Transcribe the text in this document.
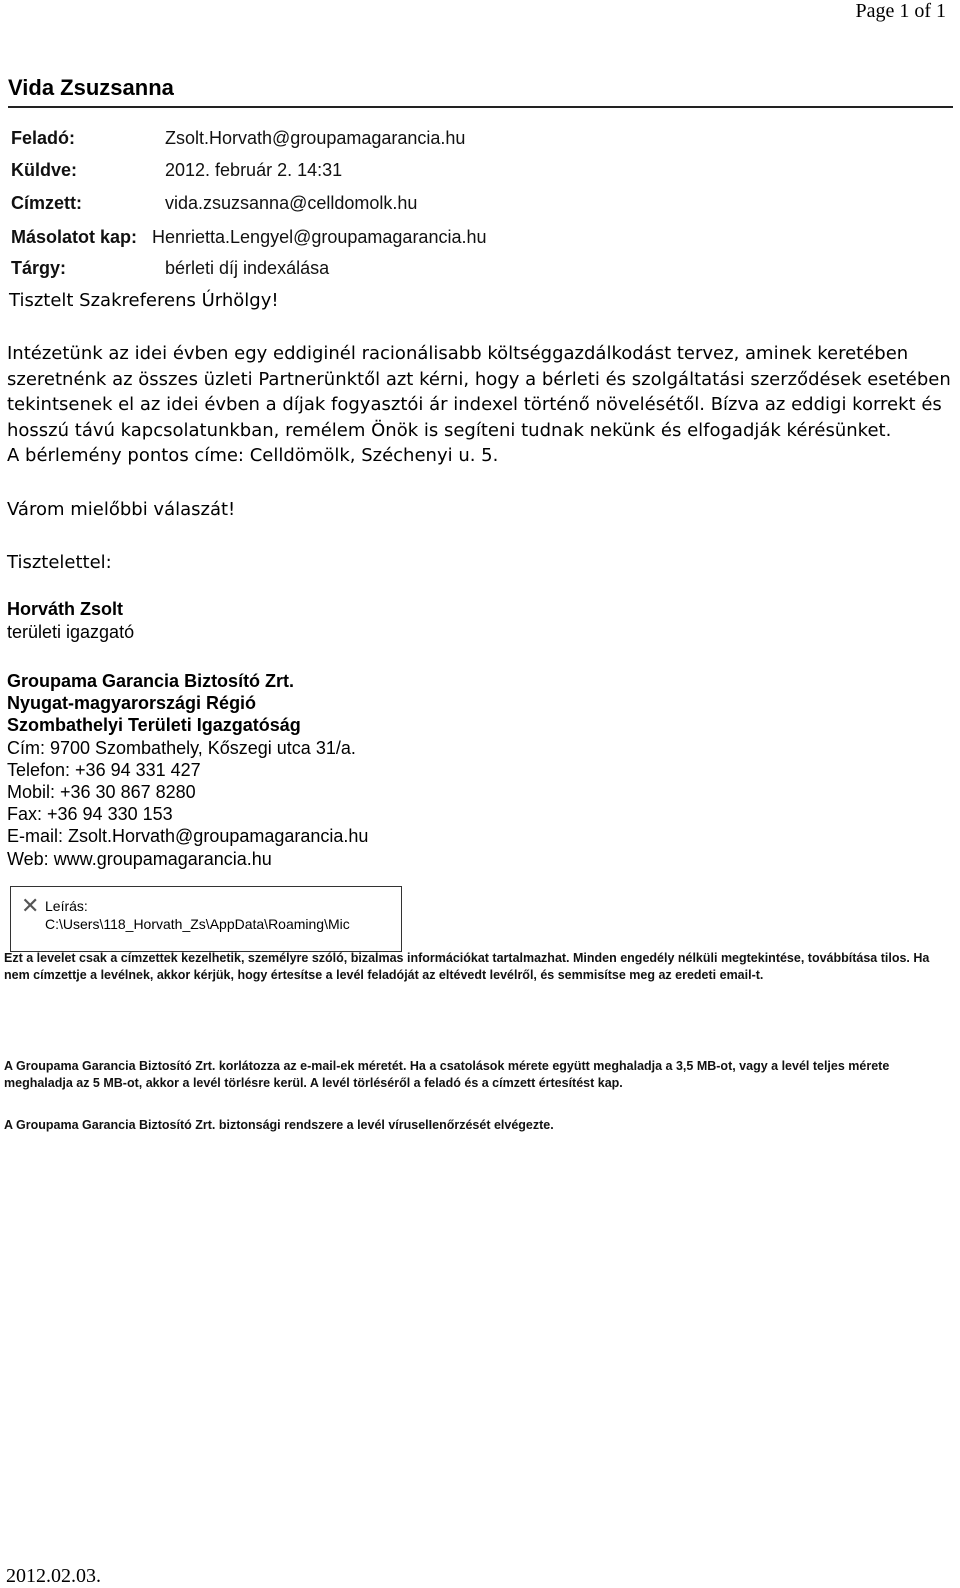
Page 1 of 1
Vida Zsuzsanna
Feladó:	Zsolt.Horvath@groupamagarancia.hu
Küldve:	2012. február 2. 14:31
Címzett:	vida.zsuzsanna@celldomolk.hu
Másolatot kap: Henrietta.Lengyel@groupamagarancia.hu
Tárgy:	bérleti díj indexálása
Tisztelt Szakreferens Úrhölgy!

Intézetünk az idei évben egy eddiginél racionálisabb költséggazdálkodást tervez, aminek keretében

szeretnénk az összes üzleti Partnerünktől azt kérni, hogy a bérleti és szolgáltatási szerződések esetében

tekintsenek el az idei évben a díjak fogyasztói ár indexel történő növelésétől. Bízva az eddigi korrekt és

hosszú távú kapcsolatunkban, remélem Önök is segíteni tudnak nekünk és elfogadják kérésünket.

A bérlemény pontos címe: Celldömölk, Széchenyi u. 5.

Várom mielőbbi válaszát!
Tisztelettel:
Horváth Zsolt
területi igazgató
Groupama Garancia Biztosító Zrt.
Nyugat-magyarországi Régió
Szombathelyi Területi Igazgatóság
Cím: 9700 Szombathely, Kőszegi utca 31/a.
Telefon: +36 94 331 427
Mobil: +36 30 867 8280
Fax: +36 94 330 153
E-mail: Zsolt.Horvath@groupamagarancia.hu
Web: www.groupamagarancia.hu
✕ Leírás:
C:\Users\118_Horvath_Zs\AppData\Roaming\Mic

Ezt a levelet csak a címzettek kezelhetik, személyre szóló, bizalmas információkat tartalmazhat. Minden engedély nélküli megtekintése, továbbítása tilos. Ha nem címzettje a levélnek, akkor kérjük, hogy értesítse a levél feladóját az eltévedt levélről, és semmisítse meg az eredeti email-t.

A Groupama Garancia Biztosító Zrt. korlátozza az e-mail-ek méretét. Ha a csatolások mérete együtt meghaladja a 3,5 MB-ot, vagy a levél teljes mérete meghaladja az 5 MB-ot, akkor a levél törlésre kerül. A levél törléséről a feladó és a címzett értesítést kap.

A Groupama Garancia Biztosító Zrt. biztonsági rendszere a levél víruselIenőrzését elvégezte.

2012.02.03.
